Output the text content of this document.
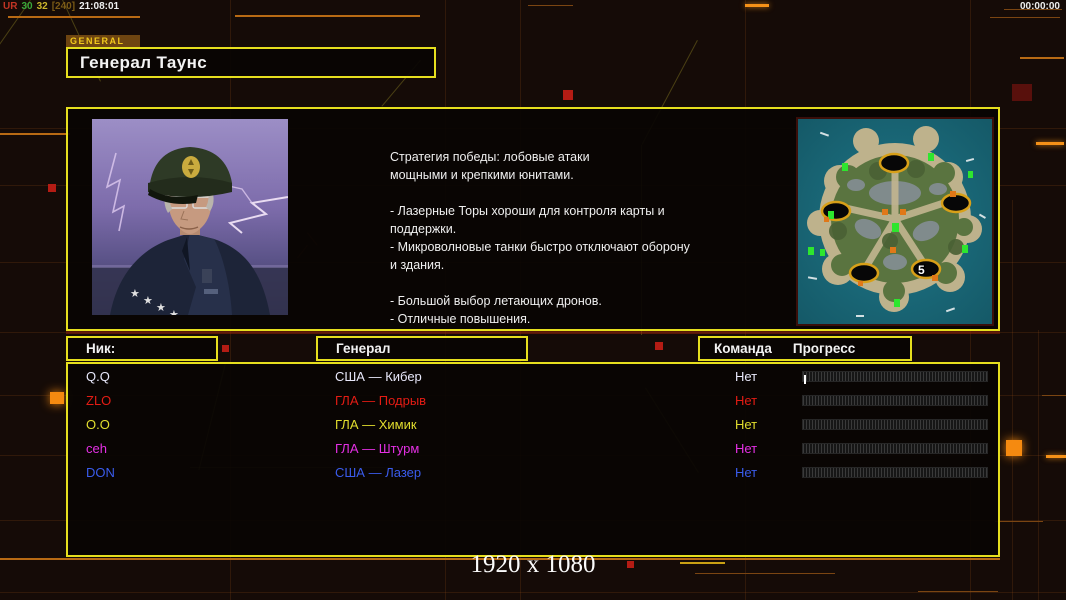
UR 30 32 [240] 21:08:01	00:00:00
GENERAL
Генерал Таунс
★
★
★
★
Стратегия победы: лобовые атаки
мощными и крепкими юнитами.
- Лазерные Торы хороши для контроля карты и
поддержки.
- Микроволновые танки быстро отключают оборону
и здания.
- Большой выбор летающих дронов.
- Отличные повышения.
5
Ник:	Генерал	Команда	Прогресс
Q.Q	США — Кибер	Нет
ZLO	ГЛА — Подрыв	Нет
O.O	ГЛА — Химик	Нет
ceh	ГЛА — Штурм	Нет
DON	США — Лазер	Нет
1920 x 1080
